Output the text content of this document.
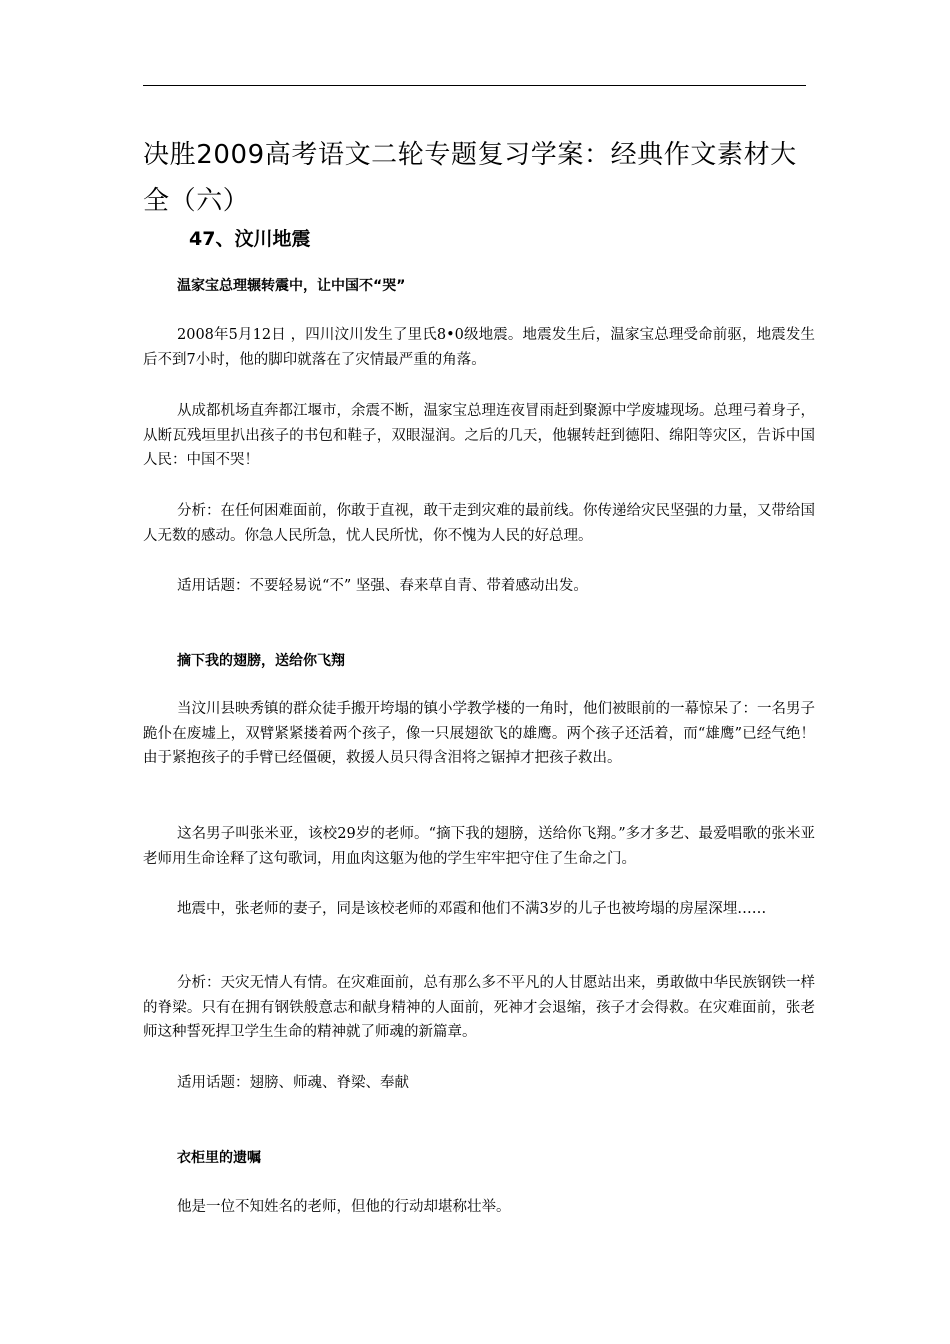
决胜2009高考语文二轮专题复习学案：经典作文素材大全（六）
47、汶川地震
温家宝总理辗转震中，让中国不“哭”

2008年5月12日 ，四川汶川发生了里氏8•0级地震。地震发生后，温家宝总理受命前驱，地震发生后不到7小时，他的脚印就落在了灾情最严重的角落。

从成都机场直奔都江堰市，余震不断，温家宝总理连夜冒雨赶到聚源中学废墟现场。总理弓着身子，从断瓦残垣里扒出孩子的书包和鞋子，双眼湿润。之后的几天，他辗转赶到德阳、绵阳等灾区，告诉中国人民：中国不哭！

分析：在任何困难面前，你敢于直视，敢干走到灾难的最前线。你传递给灾民坚强的力量，又带给国人无数的感动。你急人民所急，忧人民所忧，你不愧为人民的好总理。

适用话题：不要轻易说“不” 坚强、春来草自青、带着感动出发。

摘下我的翅膀，送给你飞翔

当汶川县映秀镇的群众徒手搬开垮塌的镇小学教学楼的一角时，他们被眼前的一幕惊呆了：一名男子跪仆在废墟上，双臂紧紧搂着两个孩子，像一只展翅欲飞的雄鹰。两个孩子还活着，而“雄鹰”已经气绝！由于紧抱孩子的手臂已经僵硬，救援人员只得含泪将之锯掉才把孩子救出。

这名男子叫张米亚，该校29岁的老师。“摘下我的翅膀，送给你飞翔。”多才多艺、最爱唱歌的张米亚老师用生命诠释了这句歌词，用血肉这躯为他的学生牢牢把守住了生命之门。

地震中，张老师的妻子，同是该校老师的邓霞和他们不满3岁的儿子也被垮塌的房屋深埋……

分析：天灾无情人有情。在灾难面前，总有那么多不平凡的人甘愿站出来，勇敢做中华民族钢铁一样的脊梁。只有在拥有钢铁般意志和献身精神的人面前，死神才会退缩，孩子才会得救。在灾难面前，张老师这种誓死捍卫学生生命的精神就了师魂的新篇章。

适用话题：翅膀、师魂、脊梁、奉献

衣柜里的遗嘱

他是一位不知姓名的老师，但他的行动却堪称壮举。
